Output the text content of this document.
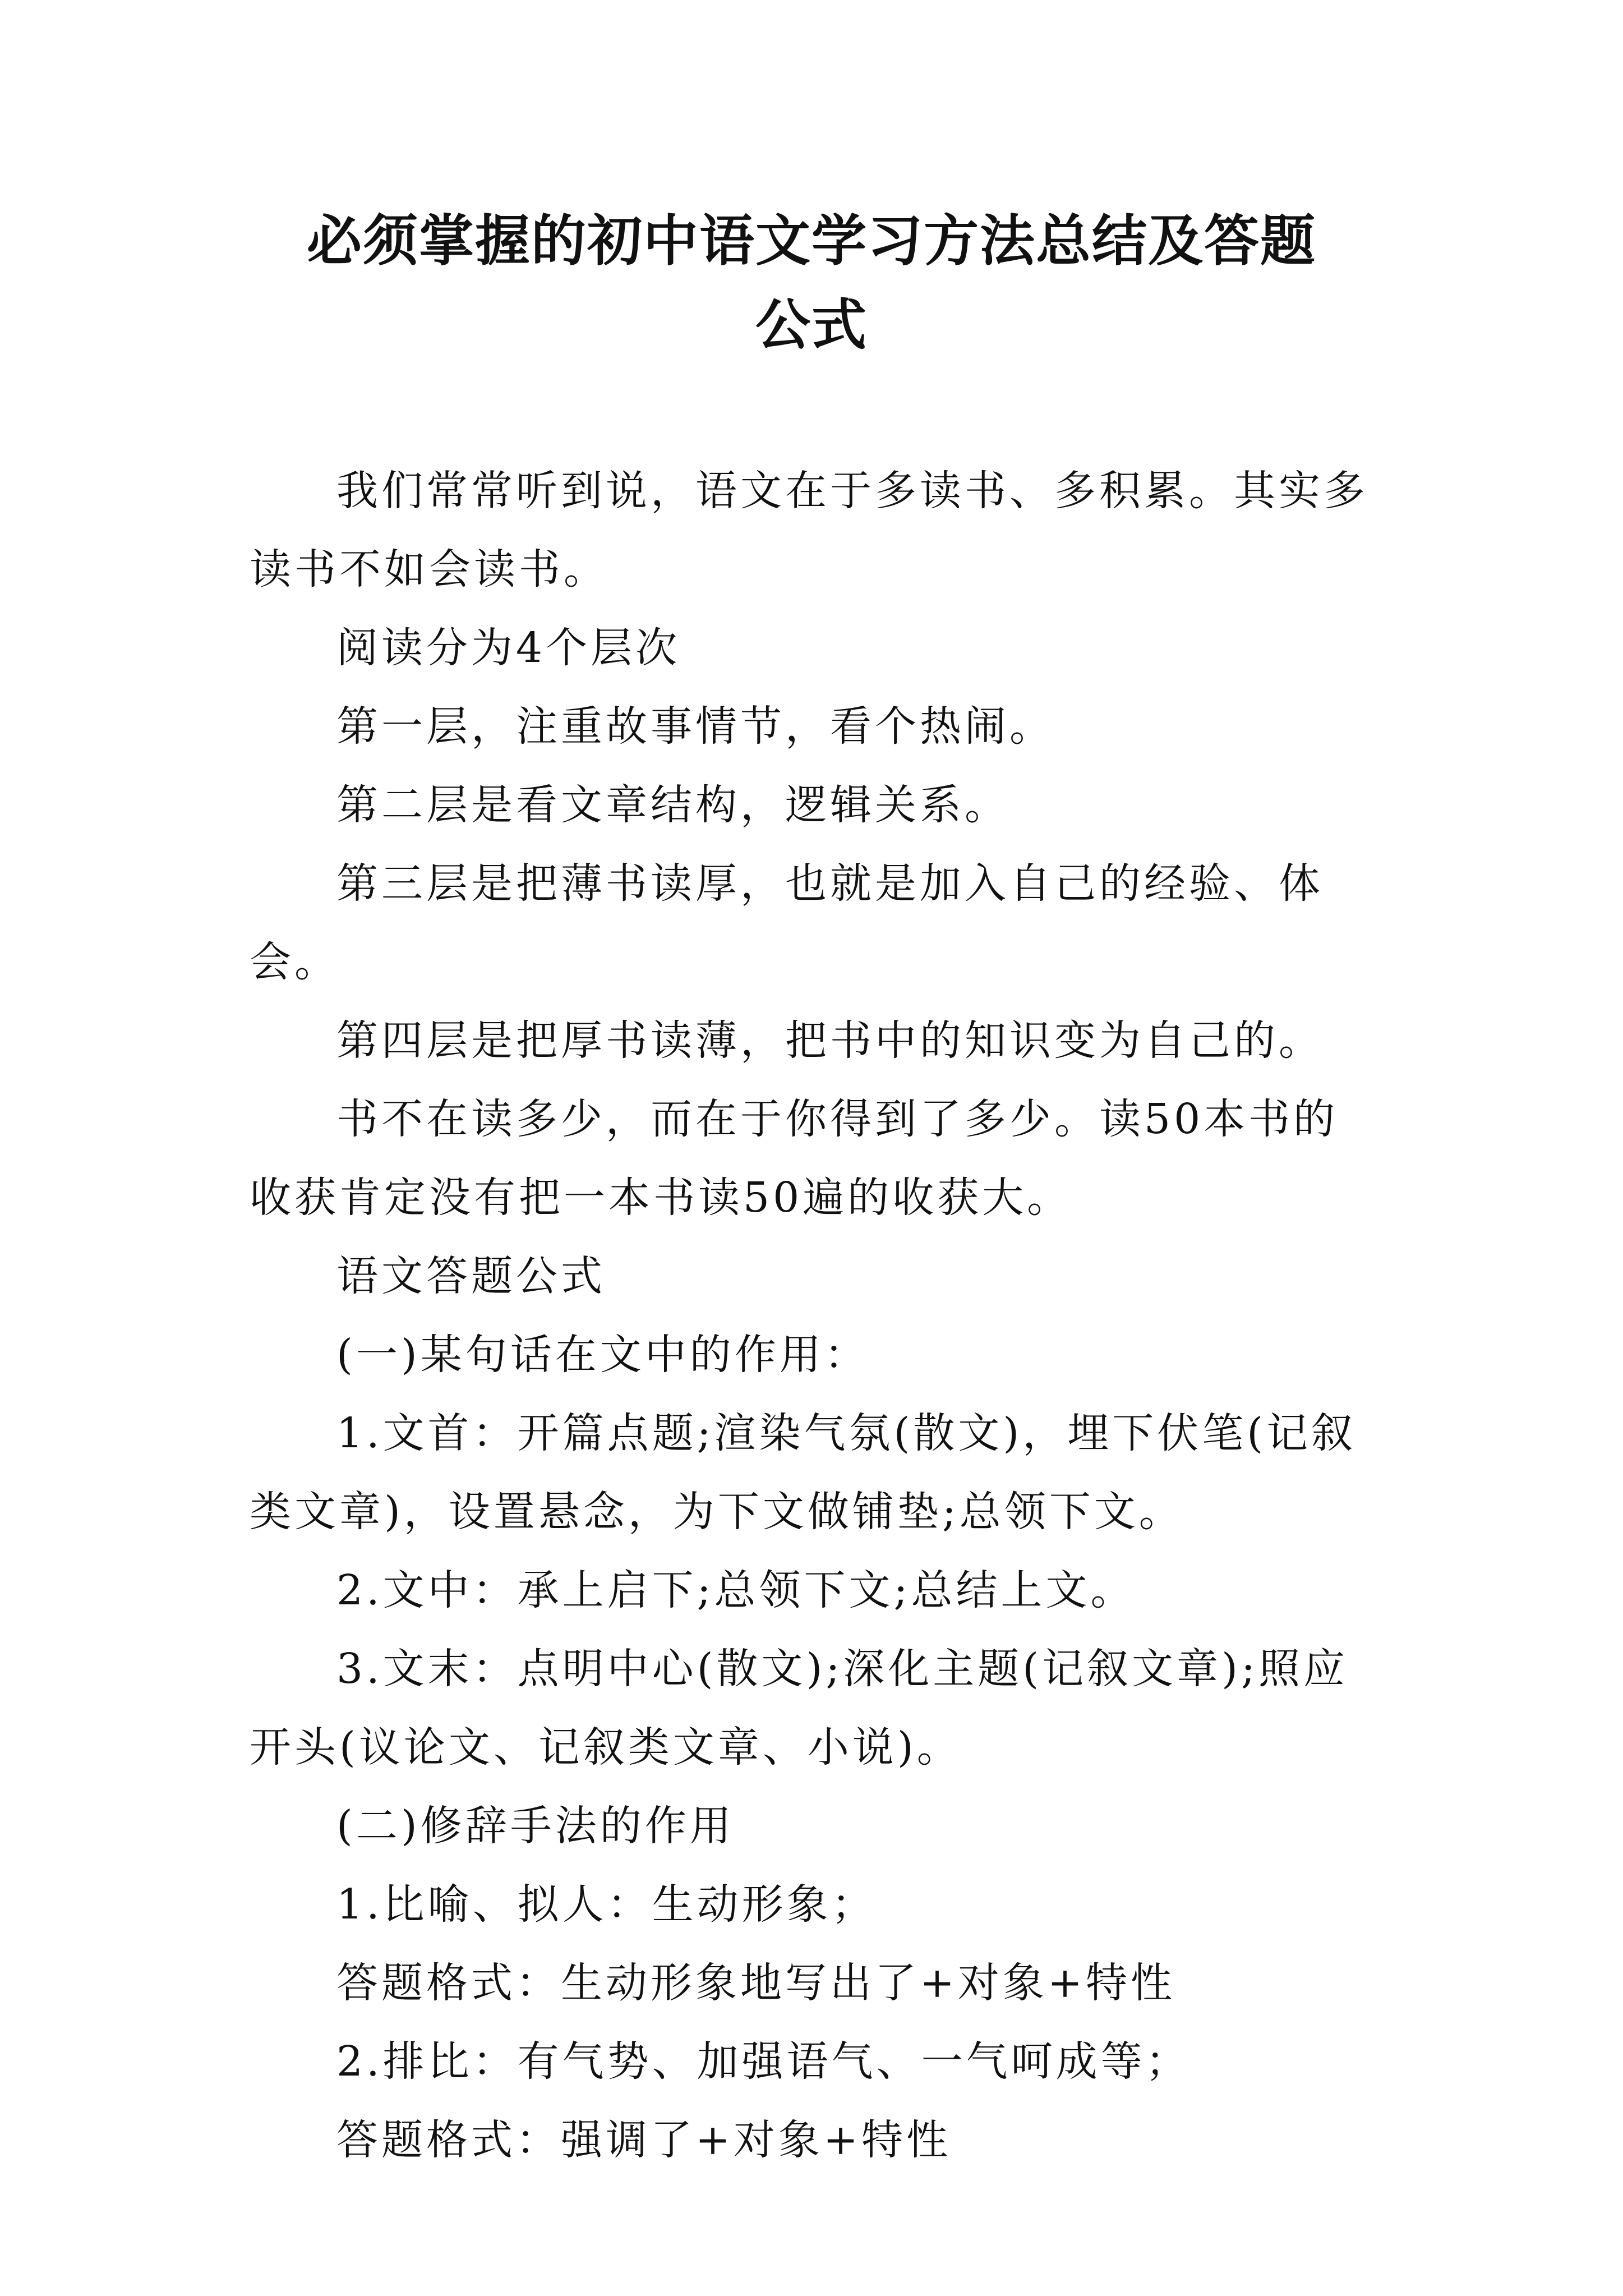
必须掌握的初中语文学习方法总结及答题
公式

我们常常听到说，语文在于多读书、多积累。其实多读书不如会读书。

阅读分为4个层次

第一层，注重故事情节，看个热闹。

第二层是看文章结构，逻辑关系。

第三层是把薄书读厚，也就是加入自己的经验、体会。

第四层是把厚书读薄，把书中的知识变为自己的。

书不在读多少，而在于你得到了多少。读50本书的收获肯定没有把一本书读50遍的收获大。

语文答题公式

(一)某句话在文中的作用：

1.文首：开篇点题;渲染气氛(散文)，埋下伏笔(记叙类文章)，设置悬念，为下文做铺垫;总领下文。

2.文中：承上启下;总领下文;总结上文。

3.文末：点明中心(散文);深化主题(记叙文章);照应开头(议论文、记叙类文章、小说)。

(二)修辞手法的作用

1.比喻、拟人：生动形象；

答题格式：生动形象地写出了+对象+特性

2.排比：有气势、加强语气、一气呵成等；

答题格式：强调了+对象+特性
